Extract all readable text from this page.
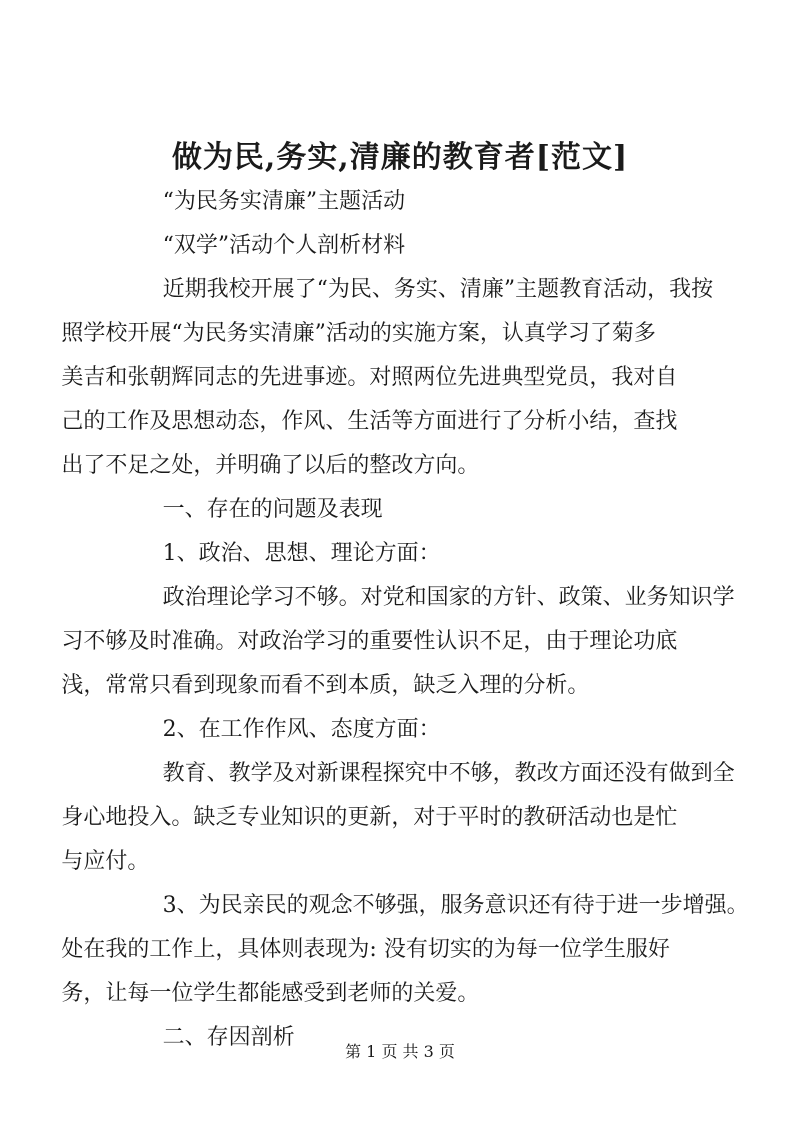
做为民,务实,清廉的教育者[范文]

“为民务实清廉”主题活动

“双学”活动个人剖析材料

近期我校开展了“为民、务实、清廉”主题教育活动，我按
照学校开展“为民务实清廉”活动的实施方案，认真学习了菊多
美吉和张朝辉同志的先进事迹。对照两位先进典型党员，我对自
己的工作及思想动态，作风、生活等方面进行了分析小结，查找
出了不足之处，并明确了以后的整改方向。

一、存在的问题及表现

1、政治、思想、理论方面：

政治理论学习不够。对党和国家的方针、政策、业务知识学
习不够及时准确。对政治学习的重要性认识不足，由于理论功底
浅，常常只看到现象而看不到本质，缺乏入理的分析。

2、在工作作风、态度方面：

教育、教学及对新课程探究中不够，教改方面还没有做到全
身心地投入。缺乏专业知识的更新，对于平时的教研活动也是忙
与应付。

3、为民亲民的观念不够强，服务意识还有待于进一步增强。
处在我的工作上，具体则表现为: 没有切实的为每一位学生服好
务，让每一位学生都能感受到老师的关爱。

二、存因剖析

第 1 页 共 3 页
